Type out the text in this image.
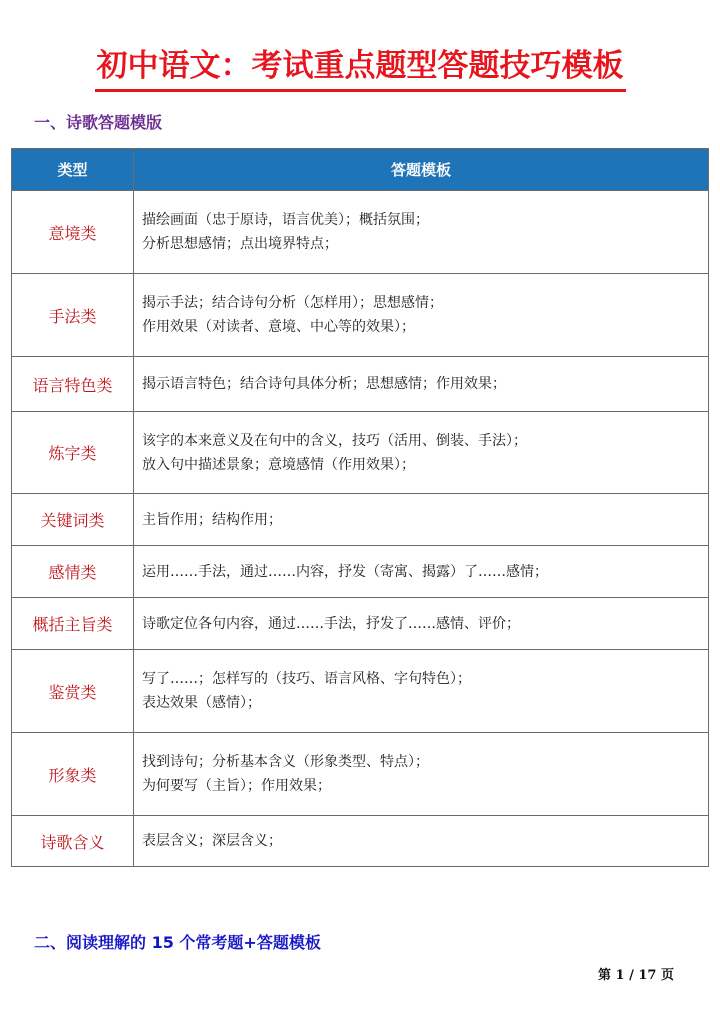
初中语文：考试重点题型答题技巧模板
一、诗歌答题模版
类型	答题模板
意境类	描绘画面（忠于原诗，语言优美）；概括氛围；
分析思想感情；点出境界特点；

手法类	揭示手法；结合诗句分析（怎样用）；思想感情；
作用效果（对读者、意境、中心等的效果）；

语言特色类	揭示语言特色；结合诗句具体分析；思想感情；作用效果；

炼字类	该字的本来意义及在句中的含义，技巧（活用、倒装、手法）；
放入句中描述景象；意境感情（作用效果）；

关键词类	主旨作用；结构作用；

感情类	运用……手法，通过……内容，抒发（寄寓、揭露）了……感情；

概括主旨类	诗歌定位各句内容，通过……手法，抒发了……感情、评价；

鉴赏类	写了……；怎样写的（技巧、语言风格、字句特色）；
表达效果（感情）；

形象类	找到诗句；分析基本含义（形象类型、特点）；
为何要写（主旨）；作用效果；

诗歌含义	表层含义；深层含义；
二、阅读理解的 15 个常考题+答题模板
第 1 / 17 页
